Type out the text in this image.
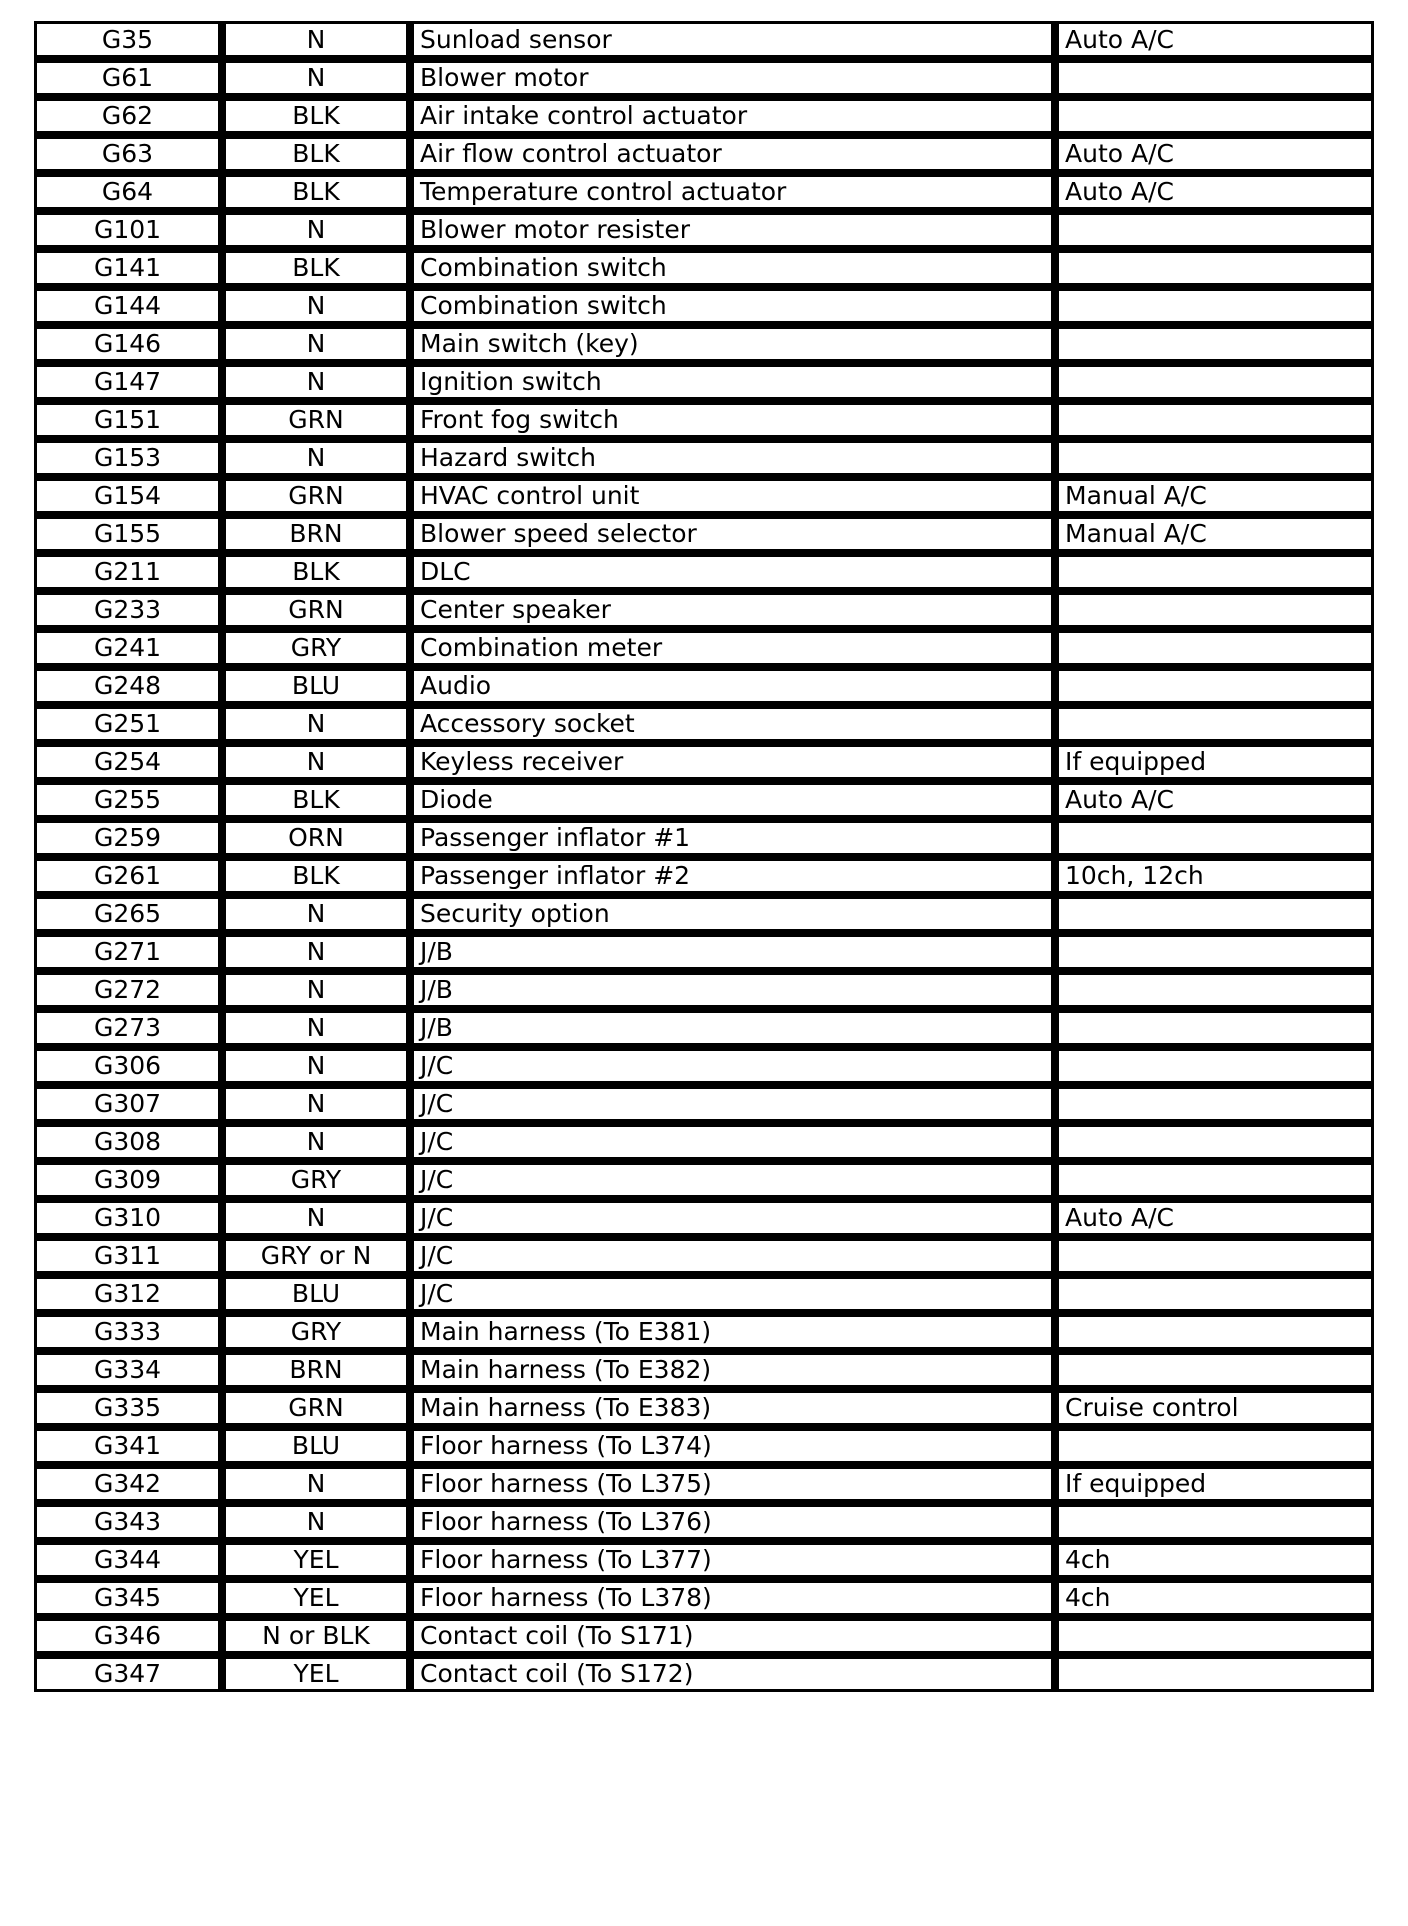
G35	N	Sunload sensor	Auto A/C
G61	N	Blower motor	
G62	BLK	Air intake control actuator	
G63	BLK	Air flow control actuator	Auto A/C
G64	BLK	Temperature control actuator	Auto A/C
G101	N	Blower motor resister	
G141	BLK	Combination switch	
G144	N	Combination switch	
G146	N	Main switch (key)	
G147	N	Ignition switch	
G151	GRN	Front fog switch	
G153	N	Hazard switch	
G154	GRN	HVAC control unit	Manual A/C
G155	BRN	Blower speed selector	Manual A/C
G211	BLK	DLC	
G233	GRN	Center speaker	
G241	GRY	Combination meter	
G248	BLU	Audio	
G251	N	Accessory socket	
G254	N	Keyless receiver	If equipped
G255	BLK	Diode	Auto A/C
G259	ORN	Passenger inflator #1	
G261	BLK	Passenger inflator #2	10ch, 12ch
G265	N	Security option	
G271	N	J/B	
G272	N	J/B	
G273	N	J/B	
G306	N	J/C	
G307	N	J/C	
G308	N	J/C	
G309	GRY	J/C	
G310	N	J/C	Auto A/C
G311	GRY or N	J/C	
G312	BLU	J/C	
G333	GRY	Main harness (To E381)	
G334	BRN	Main harness (To E382)	
G335	GRN	Main harness (To E383)	Cruise control
G341	BLU	Floor harness (To L374)	
G342	N	Floor harness (To L375)	If equipped
G343	N	Floor harness (To L376)	
G344	YEL	Floor harness (To L377)	4ch
G345	YEL	Floor harness (To L378)	4ch
G346	N or BLK	Contact coil (To S171)	
G347	YEL	Contact coil (To S172)	
